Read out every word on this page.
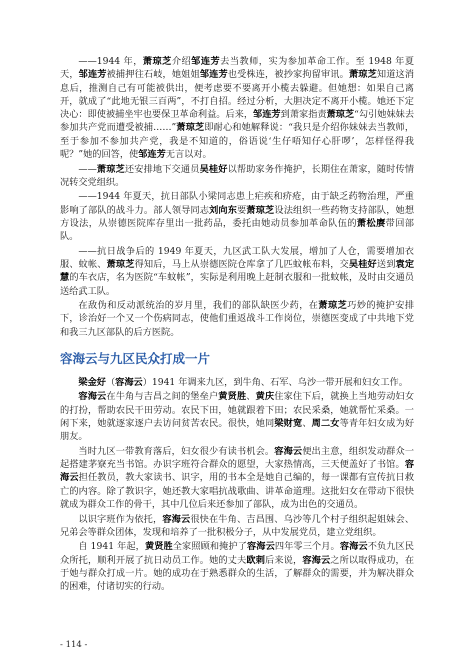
——1944 年，萧琼芝介绍邹连芳去当教师，实为参加革命工作。至 1948 年夏天，邹连芳被捕押往石岐，她姐姐邹连芳也受株连，被抄家拘留审讯。萧琼芝知道这消息后，推测自己有可能被供出，便考虑要不要离开小榄去躲避。但她想：如果自己离开，就成了“此地无银三百两”，不打自招。经过分析，大胆决定不离开小榄。她还下定决心：即使被捕坐牢也要保卫革命利益。后来，邹连芳到萧家指责萧琼芝“勾引她妹妹去参加共产党而遭受被捕……”萧琼芝即耐心和她解释说：“我只是介绍你妹妹去当教师，至于参加不参加共产党，我是不知道的，俗语说‘生仔唔知仔心肝啰’，怎样怪得我呢？”她的回答，使邹连芳无言以对。

——萧琼芝还安排地下交通员吴桂好以帮助家务作掩护，长期住在萧家，随时传情况转交党组织。

——1944 年夏天，抗日部队小梁同志患上疟疾和疥疮，由于缺乏药物治理，严重影响了部队的战斗力。部人领导同志刘向东要萧琼芝设法组织一些药物支持部队，她想方设法，从崇德医院库存里出一批药品，委托由她动员参加革命队伍的萧松赓带回部队。

——抗日战争后的 1949 年夏天，九区武工队大发展，增加了人仓，需要增加衣服、蚊帐、萧琼芝得知后，马上从崇德医院仓库拿了几匹蚊帐布料，交吴桂好送到袁定慧的车衣店，名为医院“车蚊帐”，实际是利用晚上赶制衣服和一批蚊帐，及时由交通员送给武工队。

在敌伪和反动派统治的岁月里，我们的部队缺医少药，在萧琼芝巧妙的掩护安排下，诊治好一个又一个伤病同志，使他们重返战斗工作岗位，崇德医变成了中共地下党和我三九区部队的后方医院。

容海云与九区民众打成一片

梁金好（容海云）1941 年调来九区，到牛角、石军、乌沙一带开展和妇女工作。

容海云在牛角与吉昌之间的堡垒户黄贤胜、黄庆住家住下后，就换上当地劳动妇女的打扮，帮助农民干田劳动。农民下田，她就跟着下田；农民采桑，她就帮忙采桑。一闲下来，她就逐家逐户去访问贫苦农民。很快，她同梁财宽、周二女等青年妇女成为好朋友。

当时九区一带教育落后，妇女很少有读书机会。容海云便出主意，组织发动群众一起搭建茅寮充当书馆。办识字班符合群众的愿望，大家热情高，三天便盖好了书馆。容海云担任教员，教大家读书、识字，用的书本全是她自己编的，每一课都有宣传抗日救亡的内容。除了教识字，她还教大家唱抗战歌曲、讲革命道理。这批妇女在带动下很快就成为群众工作的骨干，其中几位后来还参加了部队，成为出色的交通员。

以识字班作为依托，容海云很快在牛角、吉昌围、乌沙等几个村子组织起姐妹会、兄弟会等群众团体，发现和培养了一批积极分子，从中发展党员，建立党组织。

自 1941 年起，黄贤胜全家照顾和掩护了容海云四年零三个月。容海云不负九区民众所托，顺利开展了抗日动员工作。她的丈夫欧刺后来说，容海云之所以取得成功，在于她与群众打成一片。她的成功在于熟悉群众的生活，了解群众的需要，并为解决群众的困难，付诸切实的行动。

- 114 -
